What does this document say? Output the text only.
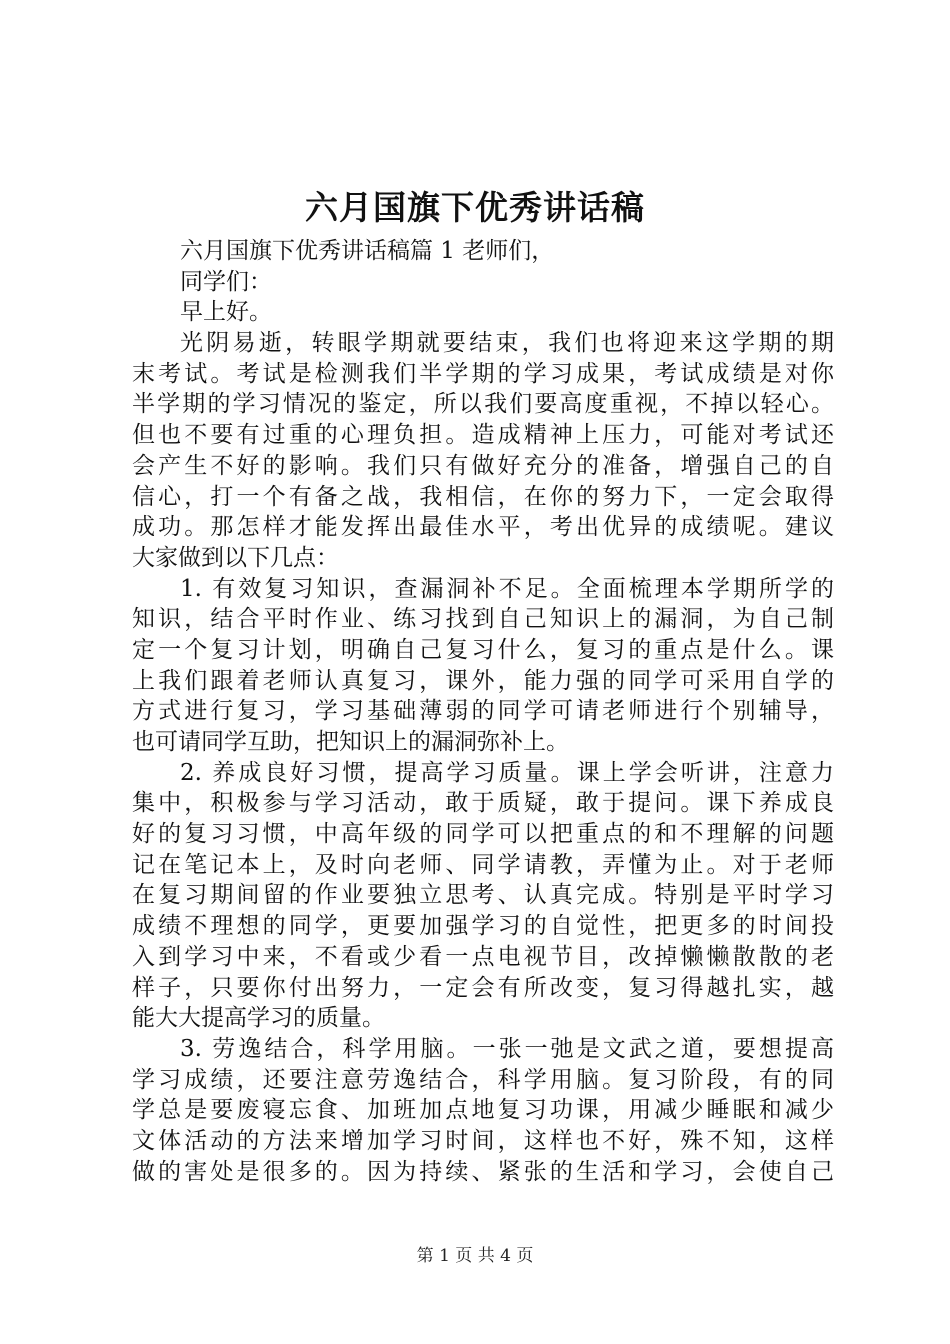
六月国旗下优秀讲话稿
六月国旗下优秀讲话稿篇 1 老师们，
同学们：
早上好。
光阴易逝，转眼学期就要结束，我们也将迎来这学期的期
末考试。考试是检测我们半学期的学习成果，考试成绩是对你
半学期的学习情况的鉴定，所以我们要高度重视，不掉以轻心。
但也不要有过重的心理负担。造成精神上压力，可能对考试还
会产生不好的影响。我们只有做好充分的准备，增强自己的自
信心，打一个有备之战，我相信，在你的努力下，一定会取得
成功。那怎样才能发挥出最佳水平，考出优异的成绩呢。建议
大家做到以下几点：
1. 有效复习知识，查漏洞补不足。全面梳理本学期所学的
知识，结合平时作业、练习找到自己知识上的漏洞，为自己制
定一个复习计划，明确自己复习什么，复习的重点是什么。课
上我们跟着老师认真复习，课外，能力强的同学可采用自学的
方式进行复习，学习基础薄弱的同学可请老师进行个别辅导，
也可请同学互助，把知识上的漏洞弥补上。
2. 养成良好习惯，提高学习质量。课上学会听讲，注意力
集中，积极参与学习活动，敢于质疑，敢于提问。课下养成良
好的复习习惯，中高年级的同学可以把重点的和不理解的问题
记在笔记本上，及时向老师、同学请教，弄懂为止。对于老师
在复习期间留的作业要独立思考、认真完成。特别是平时学习
成绩不理想的同学，更要加强学习的自觉性，把更多的时间投
入到学习中来，不看或少看一点电视节目，改掉懒懒散散的老
样子，只要你付出努力，一定会有所改变，复习得越扎实，越
能大大提高学习的质量。
3. 劳逸结合，科学用脑。一张一弛是文武之道，要想提高
学习成绩，还要注意劳逸结合，科学用脑。复习阶段，有的同
学总是要废寝忘食、加班加点地复习功课，用减少睡眠和减少
文体活动的方法来增加学习时间，这样也不好，殊不知，这样
做的害处是很多的。因为持续、紧张的生活和学习，会使自己
第 1 页 共 4 页
